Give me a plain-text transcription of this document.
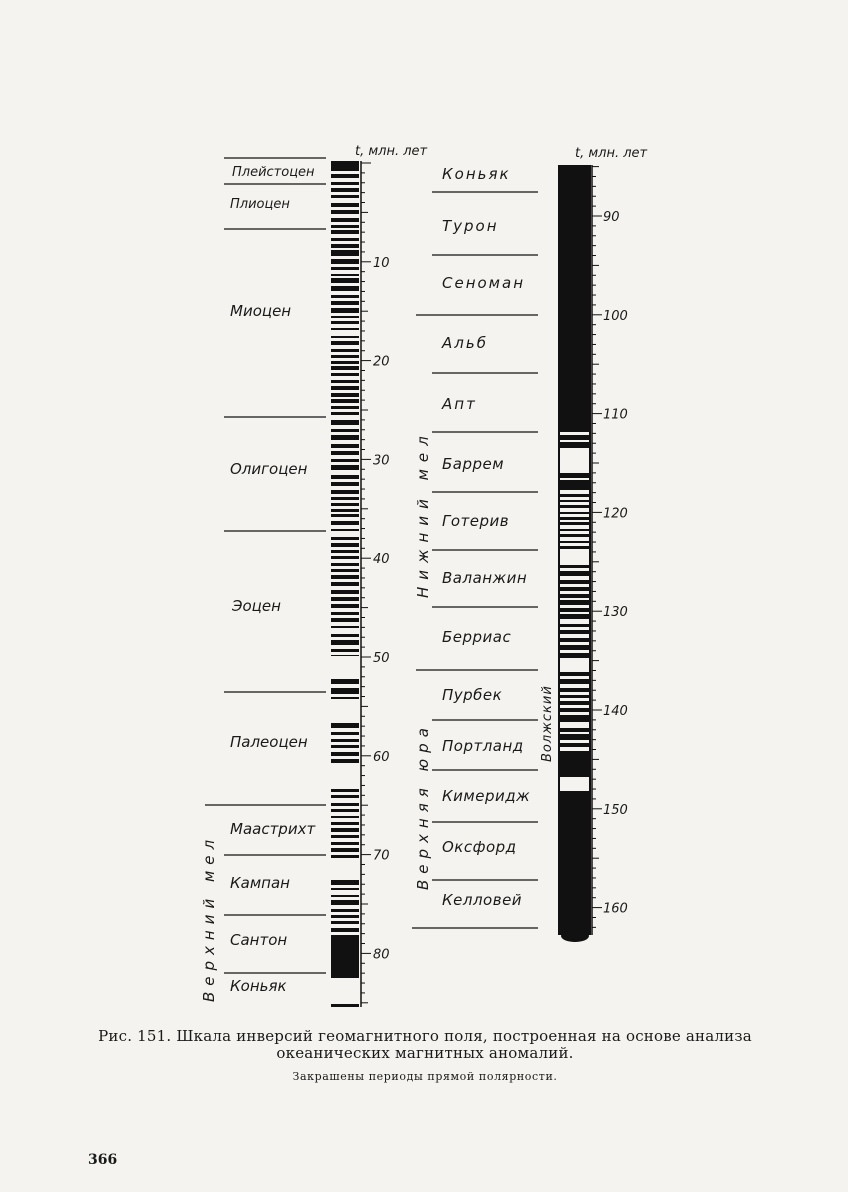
t, млн. лет
10
20
30
40
50
60
70
80
Плейстоцен
Плиоцен
Миоцен
Олигоцен
Эоцен
Палеоцен
Маастрихт
Кампан
Сантон
Коньяк
Верхний мел
Коньяк
Турон
Сеноман
Альб
Апт
Баррем
Готерив
Валанжин
Берриас
Пурбек
Портланд
Кимеридж
Оксфорд
Келловей
Нижний мел
Верхняя юра
t, млн. лет
90
100
110
120
130
140
150
160
Волжский
Рис. 151. Шкала инверсий геомагнитного поля, построенная на основе анализа океанических магнитных аномалий.
Закрашены периоды прямой полярности.
366
